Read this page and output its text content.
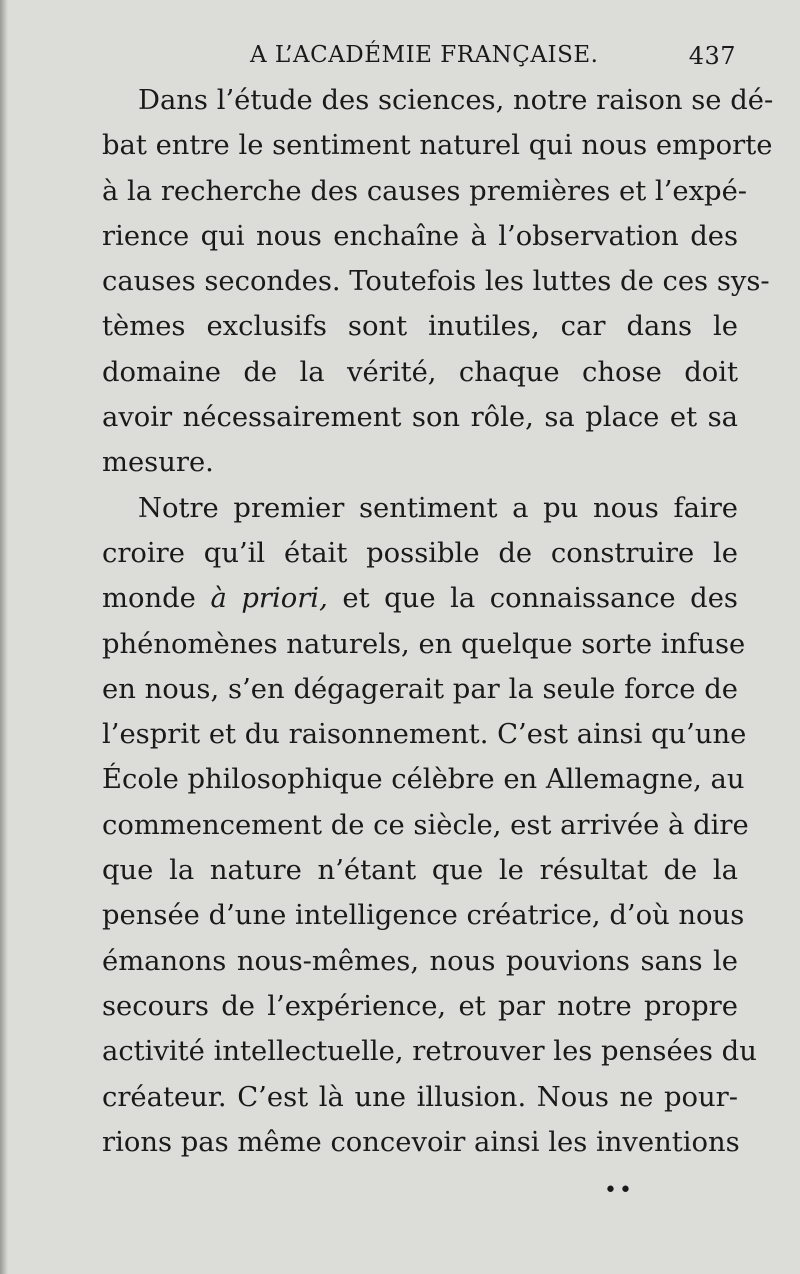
A L’ACADÉMIE FRANÇAISE.	437

Dans l’étude des sciences, notre raison se dé-
bat entre le sentiment naturel qui nous emporte
à la recherche des causes premières et l’expé-
rience qui nous enchaîne à l’observation des
causes secondes. Toutefois les luttes de ces sys-
tèmes exclusifs sont inutiles, car dans le
domaine de la vérité, chaque chose doit
avoir nécessairement son rôle, sa place et sa
mesure.

Notre premier sentiment a pu nous faire
croire qu’il était possible de construire le
monde à priori, et que la connaissance des
phénomènes naturels, en quelque sorte infuse
en nous, s’en dégagerait par la seule force de
l’esprit et du raisonnement. C’est ainsi qu’une
École philosophique célèbre en Allemagne, au
commencement de ce siècle, est arrivée à dire
que la nature n’étant que le résultat de la
pensée d’une intelligence créatrice, d’où nous
émanons nous-mêmes, nous pouvions sans le
secours de l’expérience, et par notre propre
activité intellectuelle, retrouver les pensées du
créateur. C’est là une illusion. Nous ne pour-
rions pas même concevoir ainsi les inventions

••
